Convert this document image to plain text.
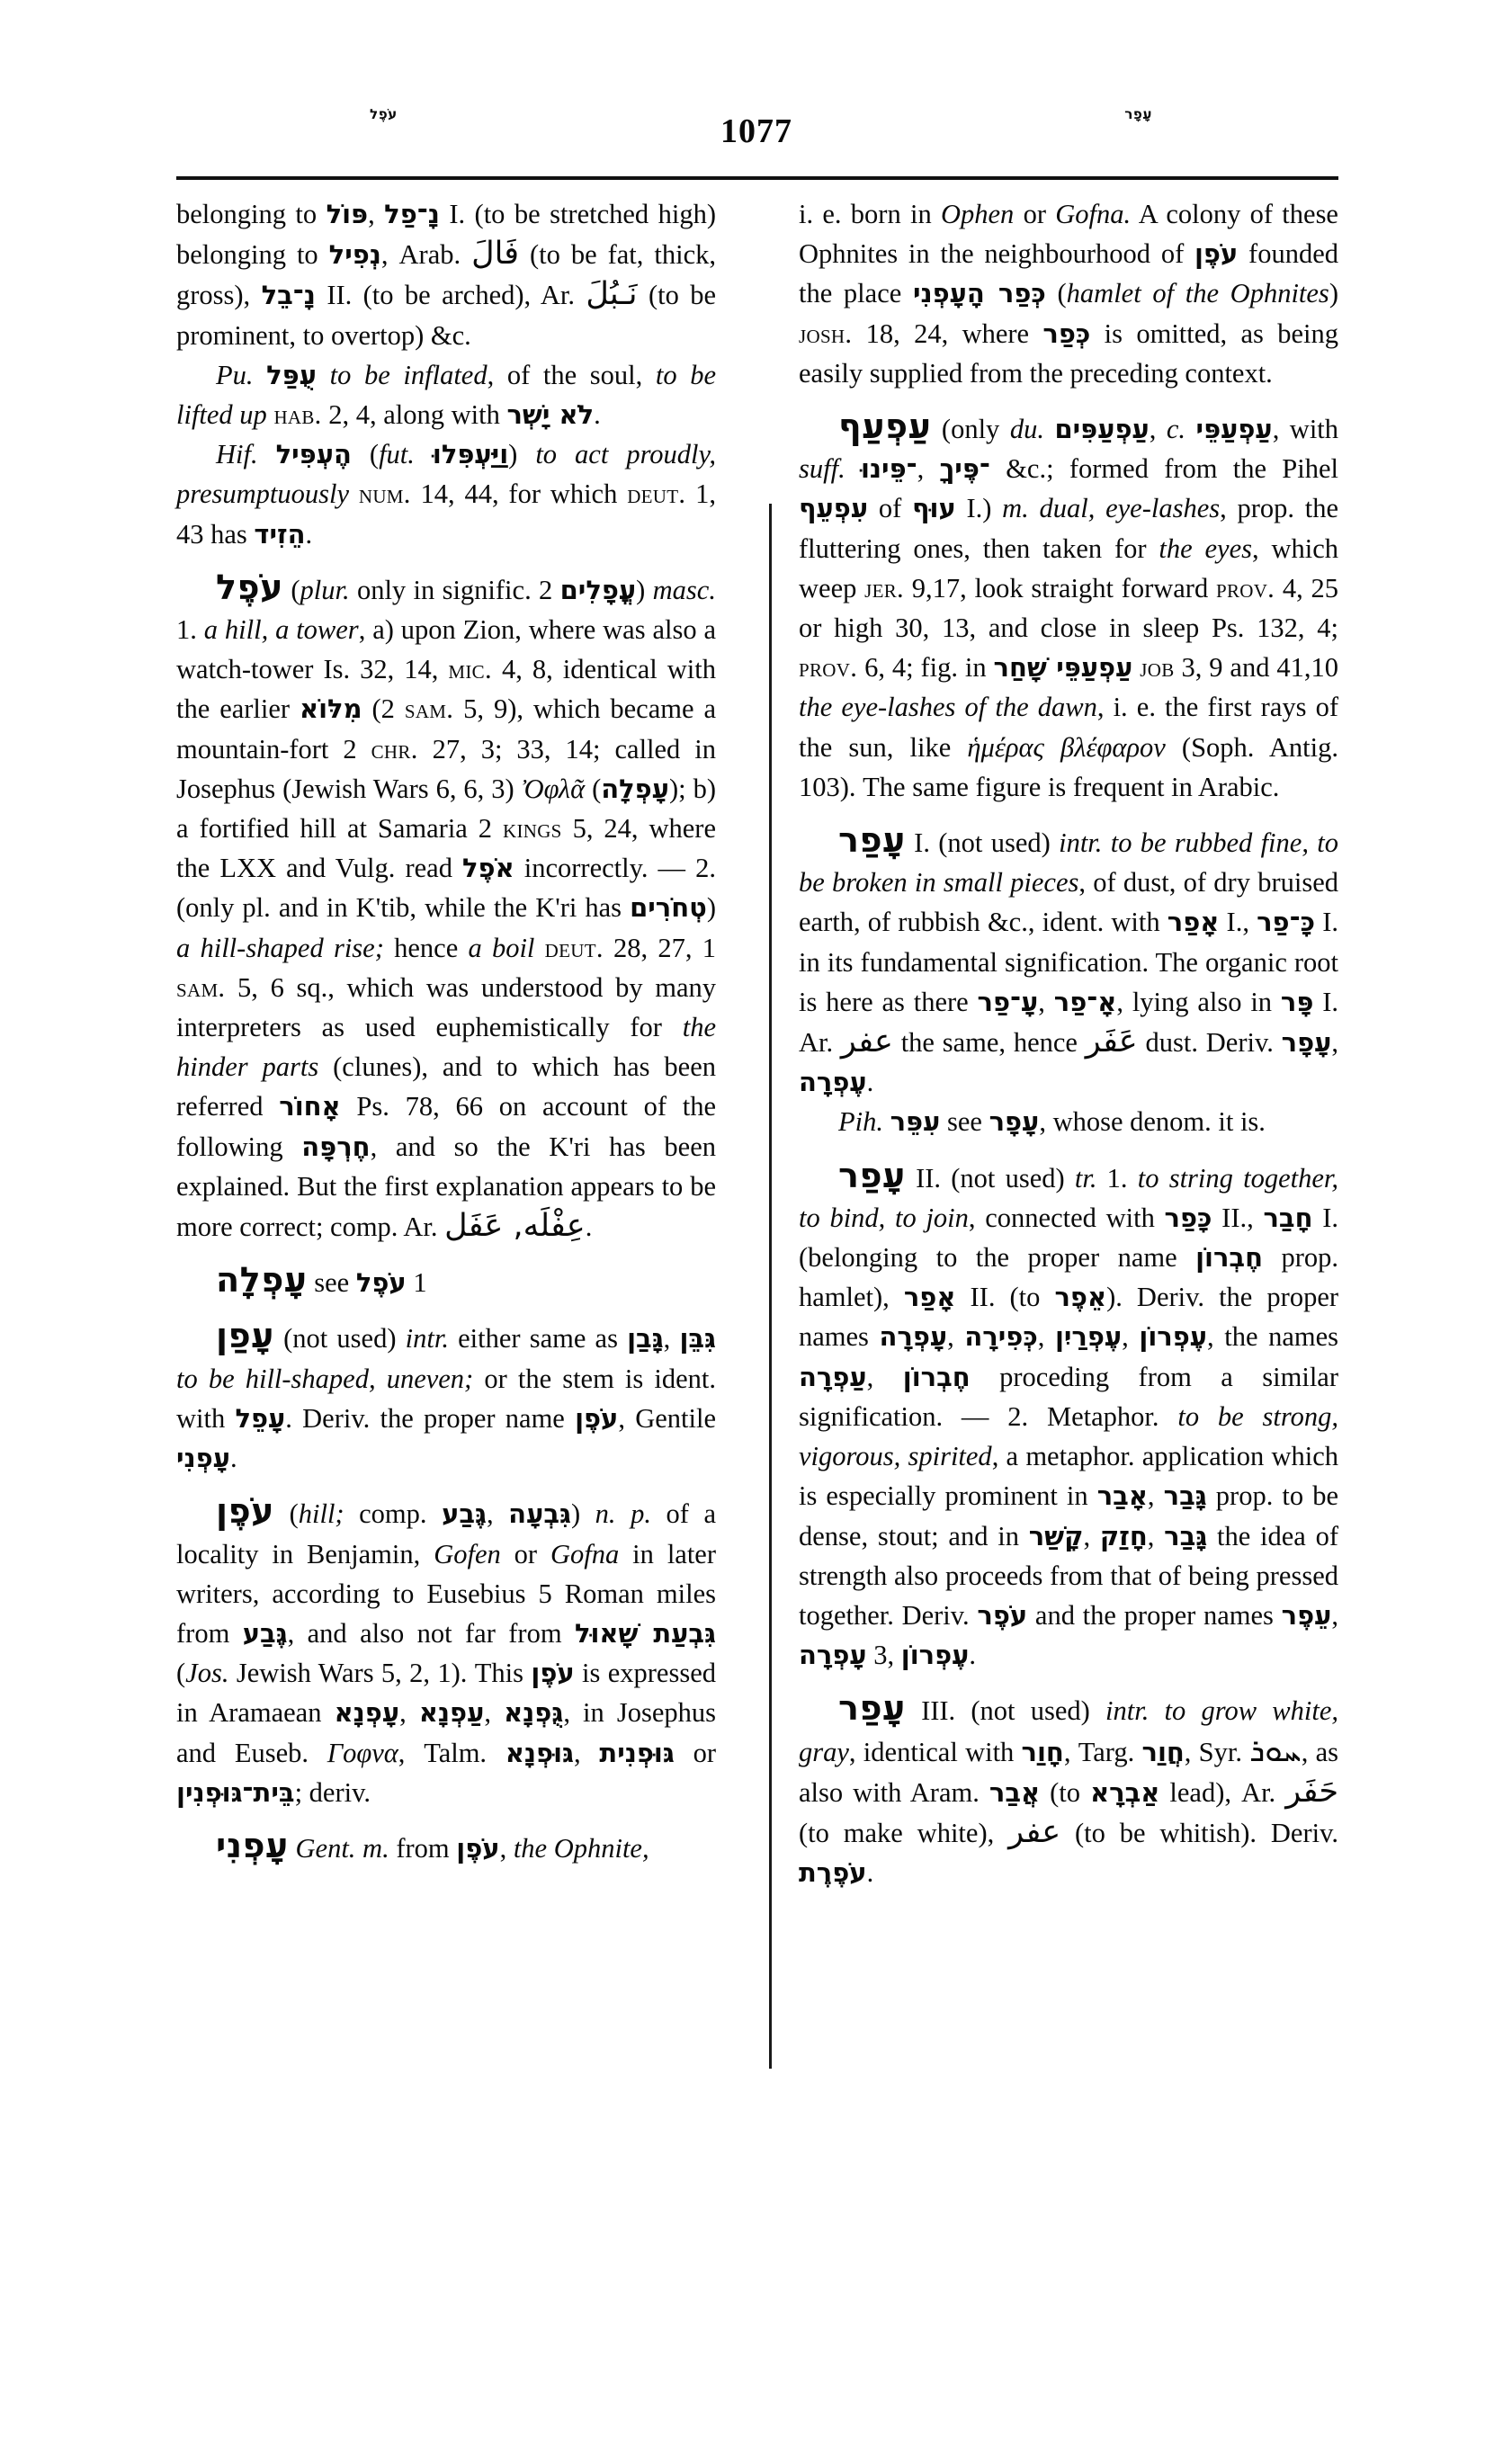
עֹפֶל	1077	עָפָר

belonging to פּוֹל, נָ־פַל I. (to be stretched high) belonging to נְפִיל, Arab. فَالَ (to be fat, thick, gross), נָ־בֵל II. (to be arched), Ar. نَـبُلَ (to be prominent, to overtop) &c.

Pu. עֻפַּל to be inflated, of the soul, to be lifted up hab. 2, 4, along with לֹא יָשְׁר.

Hif. הֶעְפִּיל (fut. וַיַּעְפִּלוּ) to act proudly, presumptuously num. 14, 44, for which deut. 1, 43 has הֵזִיד.

עֹפֶל (plur. only in signific. 2 עֳפָלִים) masc. 1. a hill, a tower, a) upon Zion, where was also a watch-tower Is. 32, 14, mic. 4, 8, identical with the earlier מִלּוֹא (2 sam. 5, 9), which became a mountain-fort 2 chr. 27, 3; 33, 14; called in Josephus (Jewish Wars 6, 6, 3) Ὀφλᾶ (עָפְלָה); b) a fortified hill at Samaria 2 kings 5, 24, where the LXX and Vulg. read אֹפֶל incorrectly. — 2. (only pl. and in K'tib, while the K'ri has טְחֹרִים) a hill-shaped rise; hence a boil deut. 28, 27, 1 sam. 5, 6 sq., which was understood by many interpreters as used euphemistically for the hinder parts (clunes), and to which has been referred אָחוֹר Ps. 78, 66 on account of the following חֶרְפָּה, and so the K'ri has been explained. But the first explanation appears to be more correct; comp. Ar. عِفْلَه, عَفَل.

עָפְלָה see עֹפֶל 1

עָפַן (not used) intr. either same as גָּבַן, גִּבֵּן to be hill-shaped, uneven; or the stem is ident. with עָפֵל. Deriv. the proper name עֹפֶן, Gentile עָפְנִי.

עֹפֶן (hill; comp. גֶּבַע, גִּבְעָה) n. p. of a locality in Benjamin, Gofen or Gofna in later writers, according to Eusebius 5 Roman miles from גֶּבַע, and also not far from גִּבְעַת שָׁאוּל (Jos. Jewish Wars 5, 2, 1). This עֹפֶן is expressed in Aramaean עָפְנָא, עַפְנָא, גֻּפְנָא, in Josephus and Euseb. Γοφνα, Talm. גּוּפְנָא, גּוּפְנִית or בֵּית־גּוּפְנִין; deriv.

עָפְנִי Gent. m. from עֹפֶן, the Ophnite,

i. e. born in Ophen or Gofna. A colony of these Ophnites in the neighbourhood of עֹפֶן founded the place כְּפַר הָעָפְנִי (hamlet of the Ophnites) josh. 18, 24, where כְּפַר is omitted, as being easily supplied from the preceding context.

עַפְעַף (only du. עַפְעַפִּים, c. עַפְעַפֵּי, with suff. ־פֵּינוּ, ־פֶּיךָ &c.; formed from the Pihel עִפְעֵף of עוּף I.) m. dual, eye-lashes, prop. the fluttering ones, then taken for the eyes, which weep jer. 9,17, look straight forward prov. 4, 25 or high 30, 13, and close in sleep Ps. 132, 4; prov. 6, 4; fig. in עַפְעַפֵּי שָׁחַר job 3, 9 and 41,10 the eye-lashes of the dawn, i. e. the first rays of the sun, like ἡμέρας βλέφαρον (Soph. Antig. 103). The same figure is frequent in Arabic.

עָפַר I. (not used) intr. to be rubbed fine, to be broken in small pieces, of dust, of dry bruised earth, of rubbish &c., ident. with אָפַר I., כָּ־פַר I. in its fundamental signification. The organic root is here as there עָ־פַר, אָ־פַר, lying also in פָּר I. Ar. عفر the same, hence عَفَر dust. Deriv. עָפָר, עֶפְרָה.

Pih. עִפֵּר see עָפָר, whose denom. it is.

עָפַר II. (not used) tr. 1. to string together, to bind, to join, connected with כָּפַר II., חָבַר I. (belonging to the proper name חֶבְרוֹן prop. hamlet), אָפַר II. (to אֵפֶר). Deriv. the proper names עָפְרָה, כְּפִירָה, עֶפְרַיִן, עֶפְרוֹן, the names עַפְרָה, חֶבְרוֹן proceding from a similar signification. — 2. Metaphor. to be strong, vigorous, spirited, a metaphor. application which is especially prominent in אָבַר, גָּבַר prop. to be dense, stout; and in קָשַׁר, חָזַק, גָּבַר the idea of strength also proceeds from that of being pressed together. Deriv. עֹפֶר and the proper names עֵפֶר, עָפְרָה 3, עֶפְרוֹן.

עָפַר III. (not used) intr. to grow white, gray, identical with חָוַר, Targ. חֲוַר, Syr. ܚܘܪ, as also with Aram. אֲבַר (to אַבְרָא lead), Ar. حَفَر (to make white), عفر (to be whitish). Deriv. עֹפֶרֶת.
